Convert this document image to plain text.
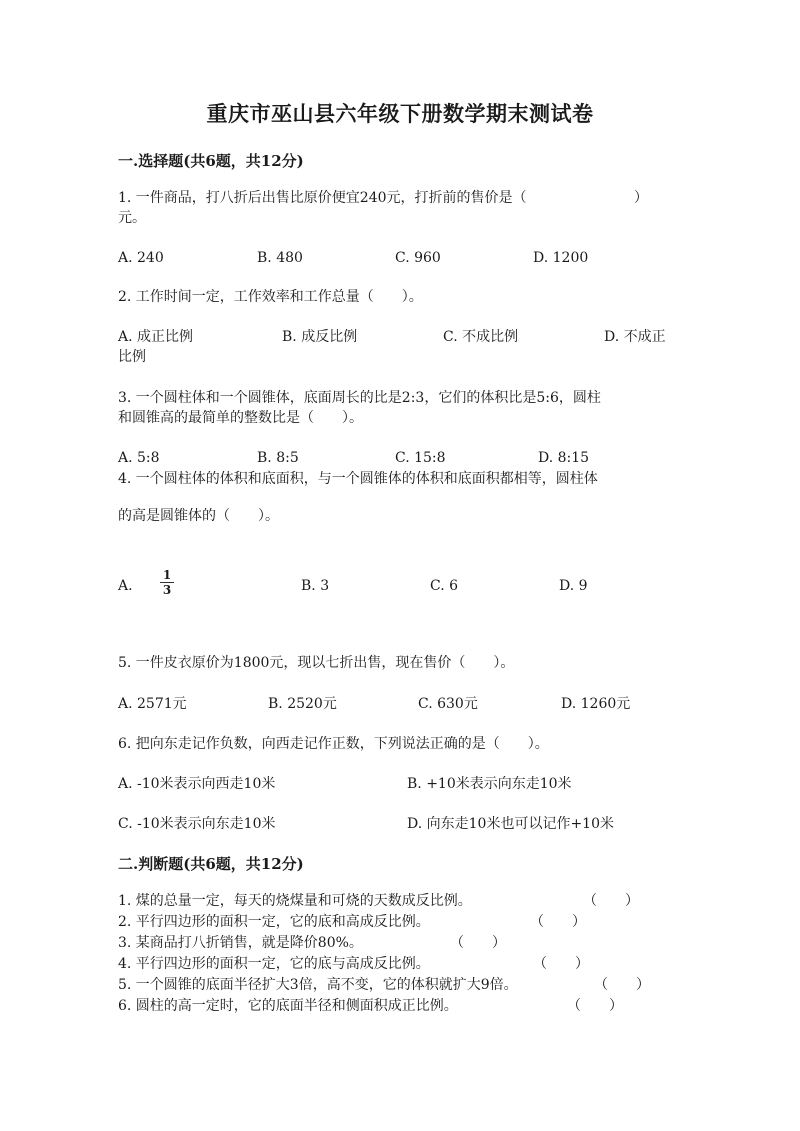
重庆市巫山县六年级下册数学期末测试卷
一.选择题(共6题，共12分)

1. 一件商品，打八折后出售比原价便宜240元，打折前的售价是（	）

元。

A. 240	B. 480	C. 960	D. 1200

2. 工作时间一定，工作效率和工作总量（　　）。

A. 成正比例	B. 成反比例	C. 不成比例	D. 不成正
比例

3. 一个圆柱体和一个圆锥体，底面周长的比是2:3，它们的体积比是5:6，圆柱

和圆锥高的最简单的整数比是（　　）。

A. 5:8	B. 8:5	C. 15:8	D. 8:15

4. 一个圆柱体的体积和底面积，与一个圆锥体的体积和底面积都相等，圆柱体

的高是圆锥体的（　　）。

A.
1
3	B. 3	C. 6	D. 9

5. 一件皮衣原价为1800元，现以七折出售，现在售价（　　）。

A. 2571元	B. 2520元	C. 630元	D. 1260元

6. 把向东走记作负数，向西走记作正数，下列说法正确的是（　　）。

A. -10米表示向西走10米	B. +10米表示向东走10米
C. -10米表示向东走10米	D. 向东走10米也可以记作+10米
二.判断题(共6题，共12分)

1. 煤的总量一定，每天的烧煤量和可烧的天数成反比例。	（　　）

2. 平行四边形的面积一定，它的底和高成反比例。	（　　）

3. 某商品打八折销售，就是降价80%。	（　　）

4. 平行四边形的面积一定，它的底与高成反比例。	（　　）

5. 一个圆锥的底面半径扩大3倍，高不变，它的体积就扩大9倍。	（　　）

6. 圆柱的高一定时，它的底面半径和侧面积成正比例。	（　　）
